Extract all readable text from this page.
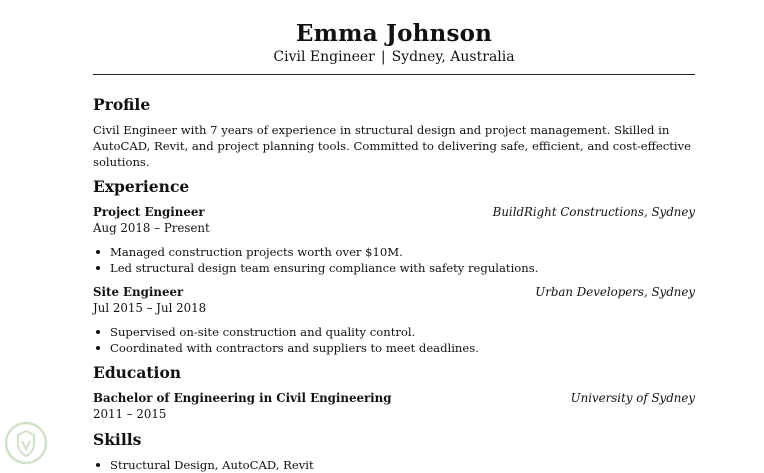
Emma Johnson
Civil Engineer | Sydney, Australia
Profile
Civil Engineer with 7 years of experience in structural design and project management. Skilled in
AutoCAD, Revit, and project planning tools. Committed to delivering safe, efficient, and cost-effective
solutions.
Experience
Project Engineer	BuildRight Constructions, Sydney
Aug 2018 – Present
Managed construction projects worth over $10M.
Led structural design team ensuring compliance with safety regulations.
Site Engineer	Urban Developers, Sydney
Jul 2015 – Jul 2018
Supervised on-site construction and quality control.
Coordinated with contractors and suppliers to meet deadlines.
Education
Bachelor of Engineering in Civil Engineering	University of Sydney
2011 – 2015
Skills
Structural Design, AutoCAD, Revit
